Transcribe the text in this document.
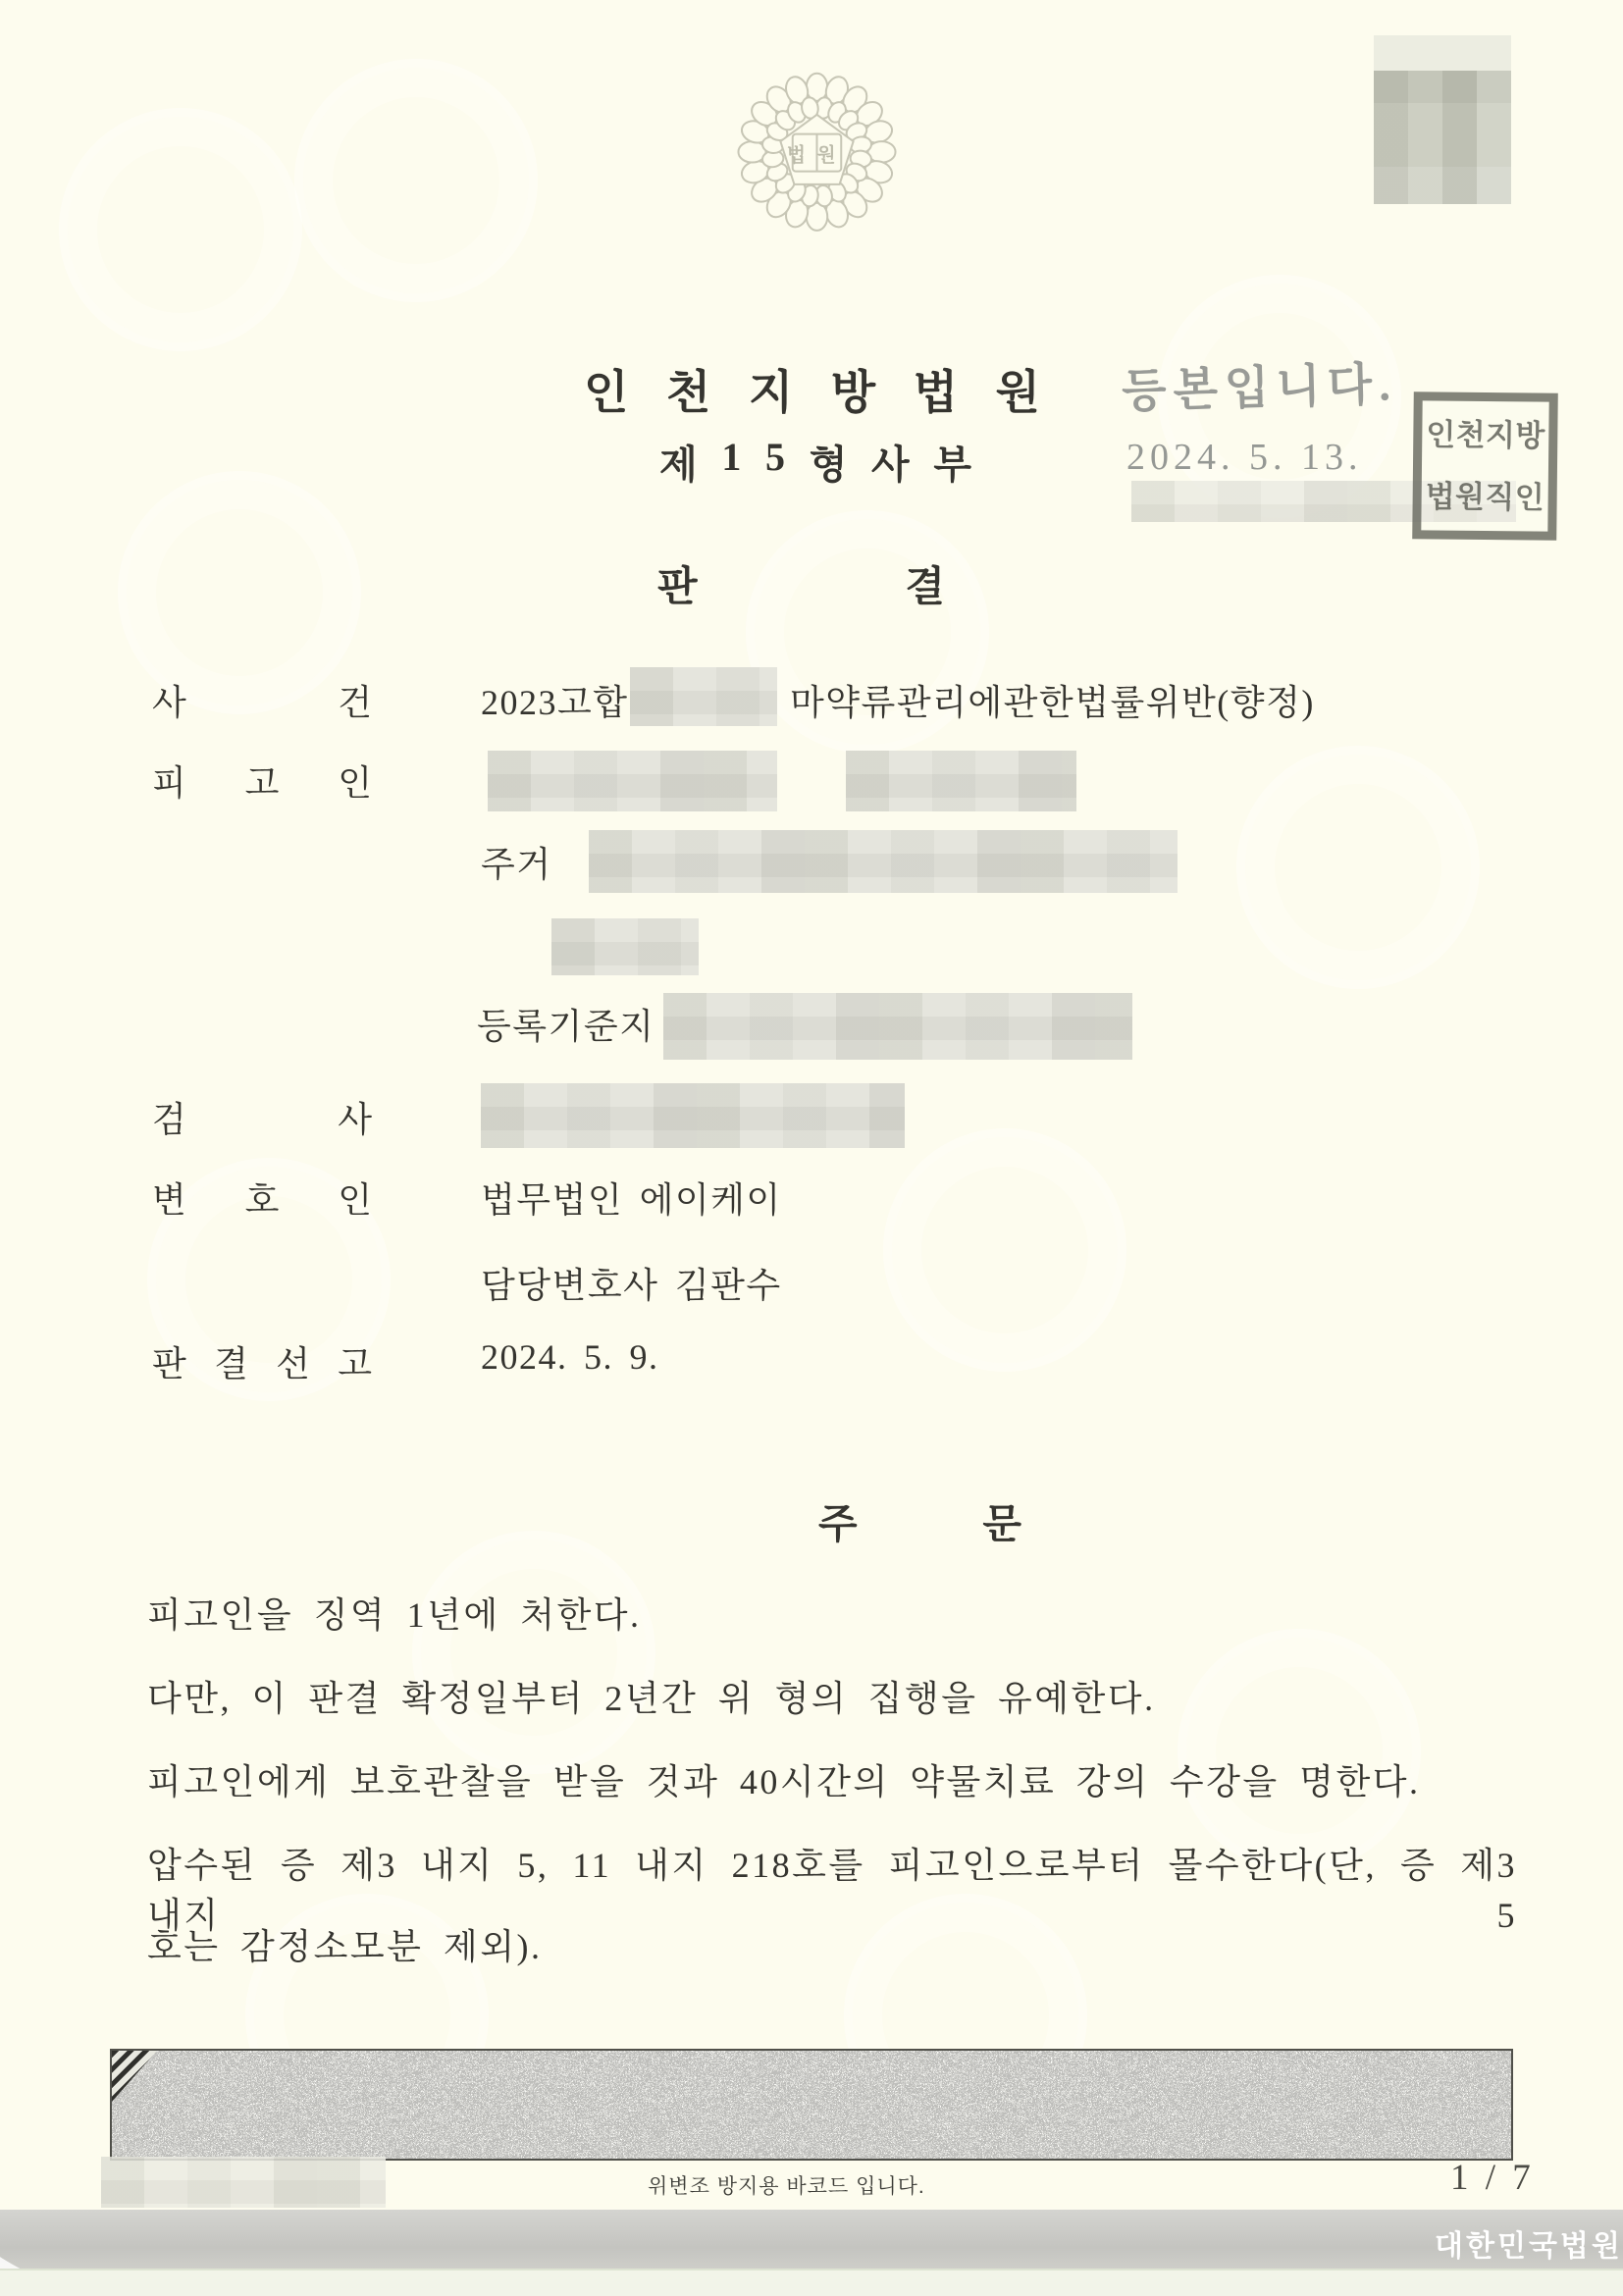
법원
인 천 지 방 법 원
제 1 5 형 사 부
판	결
등본입니다.
2024. 5. 13.
인 천 지 방
법 원 직 인
사	건	2023고합	마약류관리에관한법률위반(향정)
피 고 인
주거
등록기준지
검	사
변 호 인	법무법인 에이케이
담당변호사 김판수
판 결 선 고	2024. 5. 9.
주	문
피고인을 징역 1년에 처한다.
다만, 이 판결 확정일부터 2년간 위 형의 집행을 유예한다.
피고인에게 보호관찰을 받을 것과 40시간의 약물치료 강의 수강을 명한다.
압수된 증 제3 내지 5, 11 내지 218호를 피고인으로부터 몰수한다(단, 증 제3 내지 5
호는 감정소모분 제외).
위변조 방지용 바코드 입니다.	1 / 7
대한민국법원
